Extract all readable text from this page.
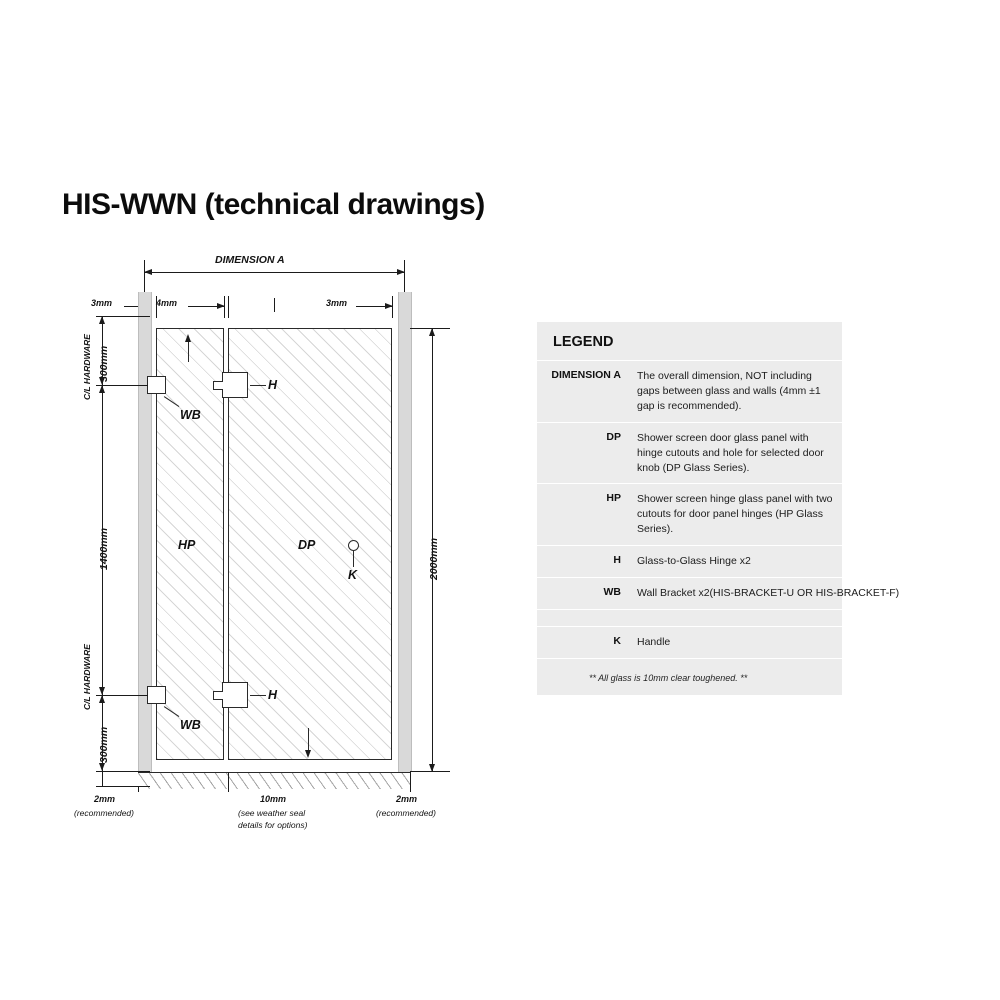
HIS-WWN (technical drawings)
DIMENSION A
3mm	4mm	3mm
HP	DP
H
H
WB
WB
K	2000mm
300mm
1400mm
300mm
C/L HARDWARE
C/L HARDWARE
2mm
(recommended)
10mm
(see weather seal
details for options)
2mm
(recommended)
LEGEND
DIMENSION A	The overall dimension, NOT including gaps between glass and walls (4mm ±1 gap is recommended).
DP	Shower screen door glass panel with hinge cutouts and hole for selected door knob (DP Glass Series).
HP	Shower screen hinge glass panel with two cutouts for door panel hinges (HP Glass Series).
H	Glass-to-Glass Hinge x2
WB	Wall Bracket x2(HIS-BRACKET-U OR HIS-BRACKET-F)
K	Handle
** All glass is 10mm clear toughened. **
